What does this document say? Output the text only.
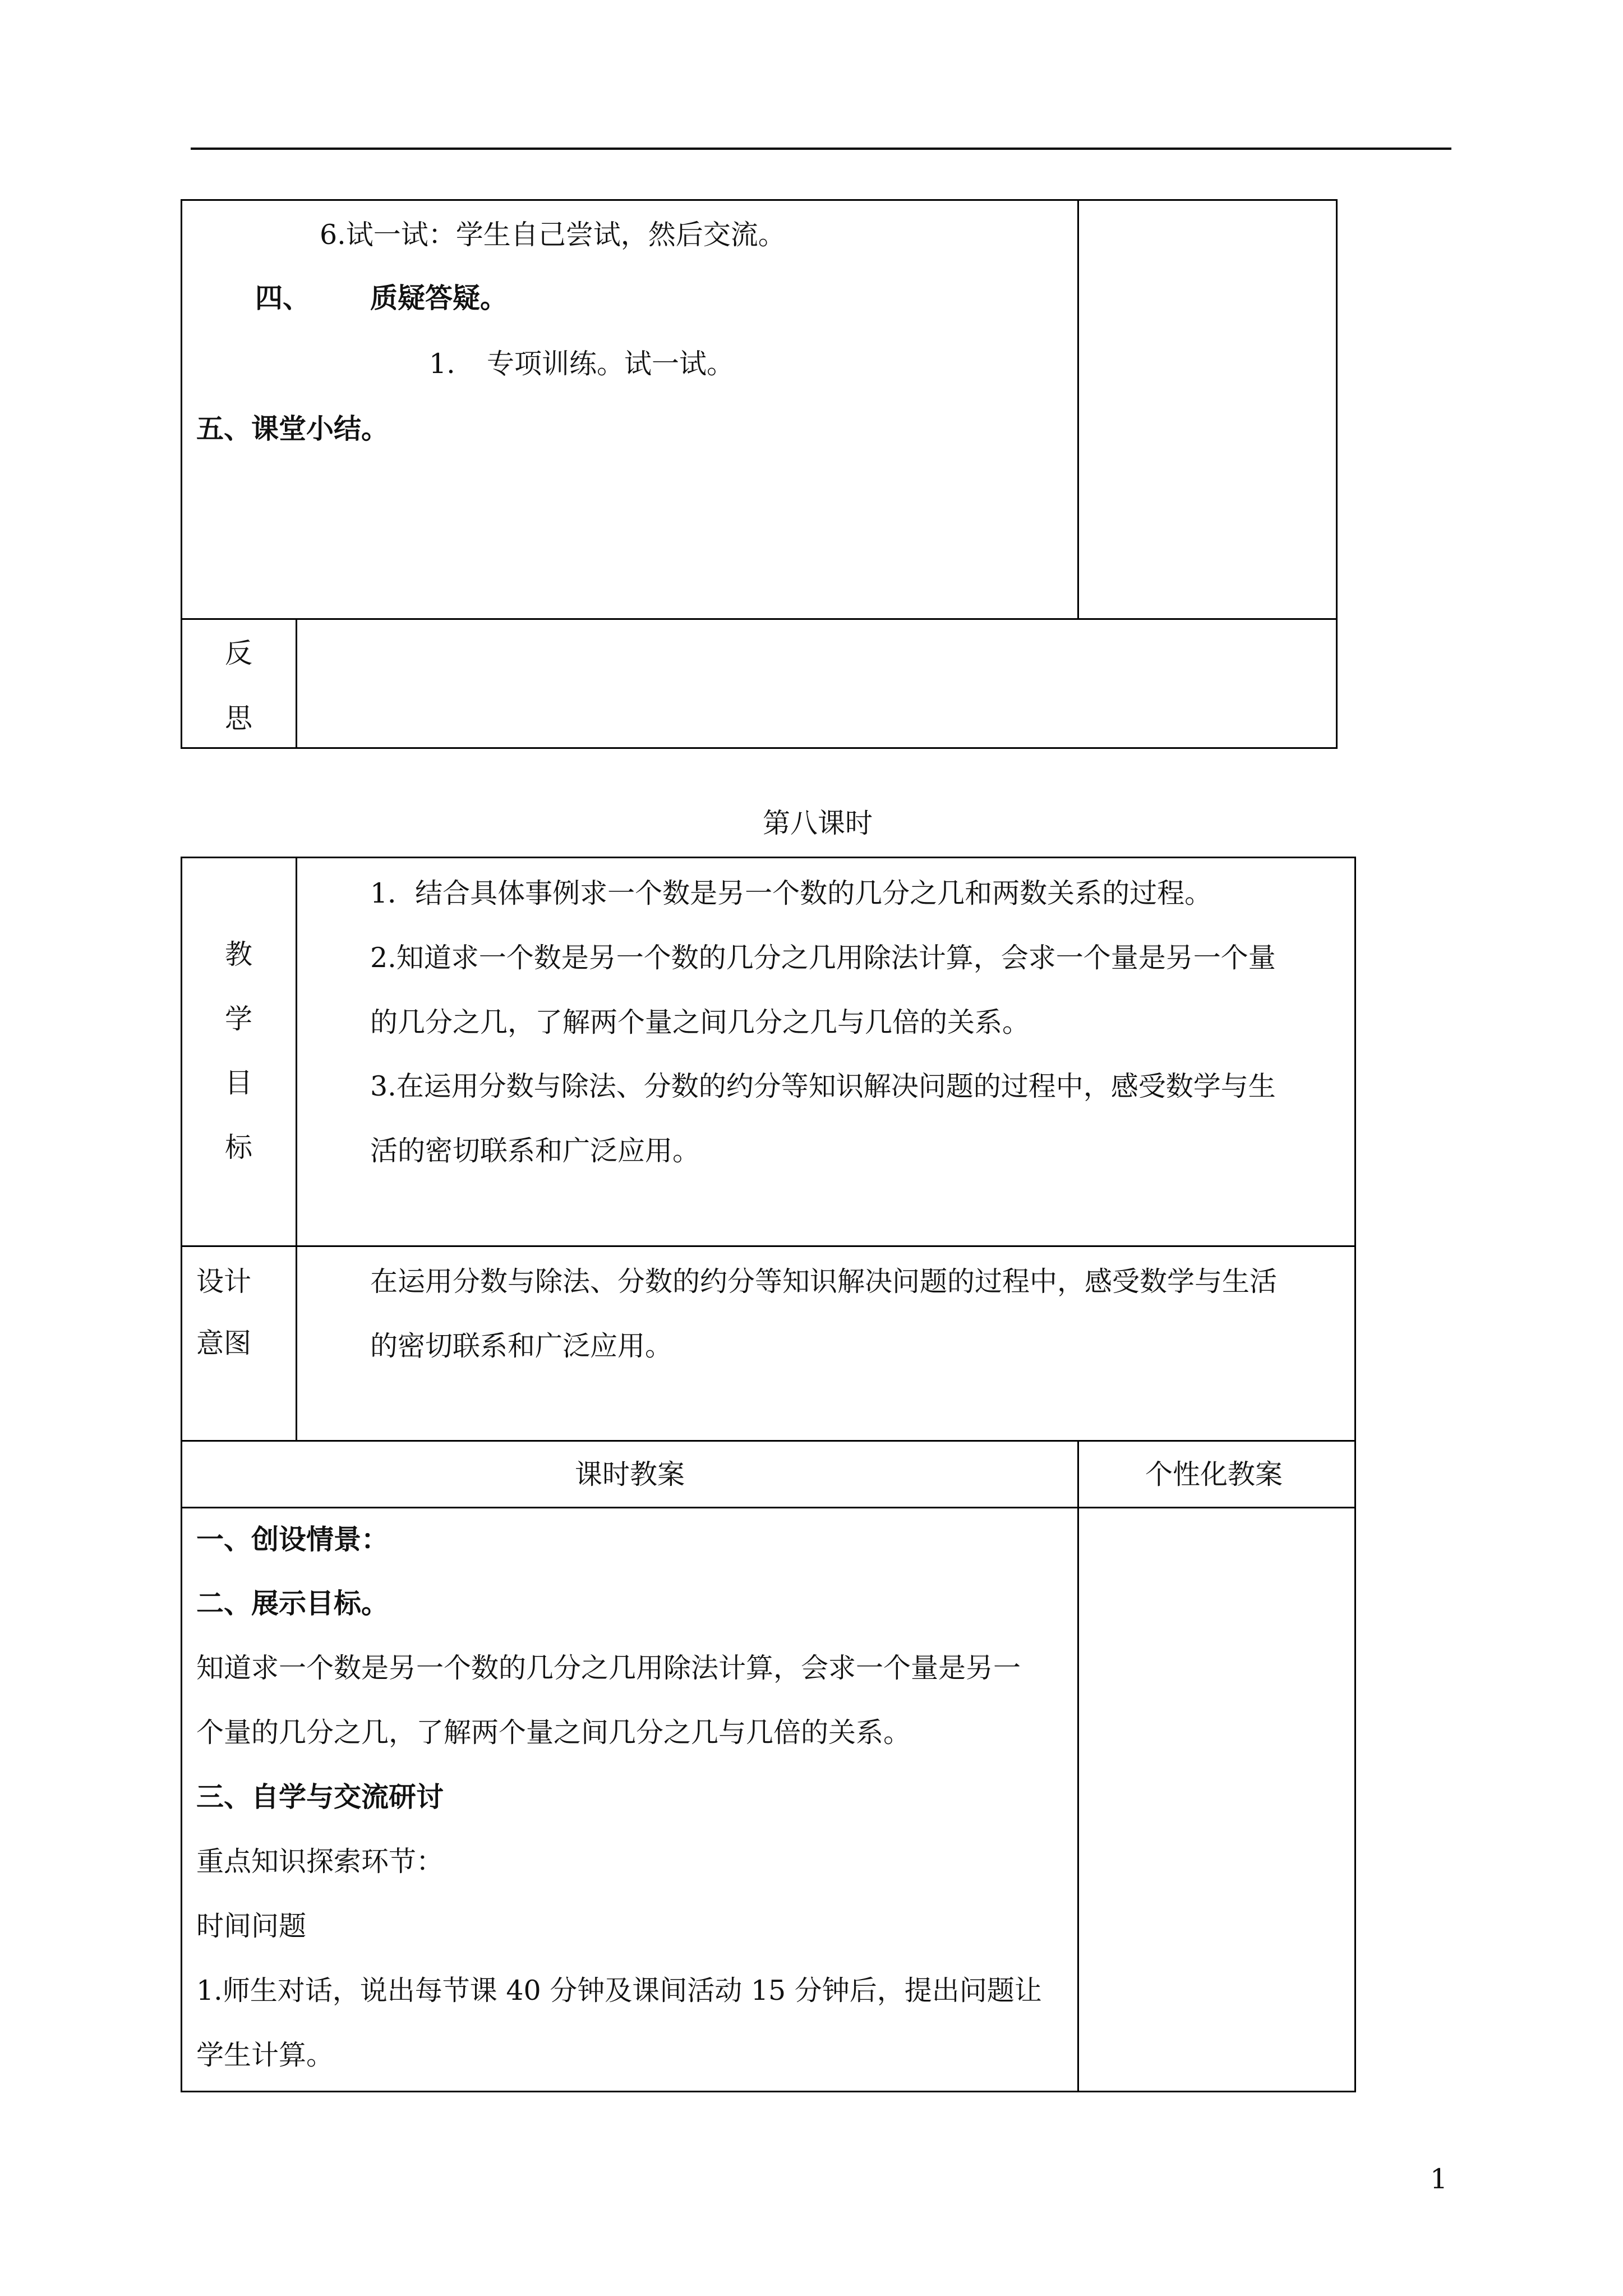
6.试一试：学生自己尝试，然后交流。
四、 质疑答疑。
1. 专项训练。试一试。
五、课堂小结。
反
思
第八课时
教
学
目
标
1．结合具体事例求一个数是另一个数的几分之几和两数关系的过程。
2.知道求一个数是另一个数的几分之几用除法计算，会求一个量是另一个量
的几分之几，了解两个量之间几分之几与几倍的关系。
3.在运用分数与除法、分数的约分等知识解决问题的过程中，感受数学与生
活的密切联系和广泛应用。
设计
意图
在运用分数与除法、分数的约分等知识解决问题的过程中，感受数学与生活
的密切联系和广泛应用。
课时教案	个性化教案
一、创设情景：
二、展示目标。
知道求一个数是另一个数的几分之几用除法计算，会求一个量是另一
个量的几分之几，了解两个量之间几分之几与几倍的关系。
三、自学与交流研讨
重点知识探索环节：
时间问题
1.师生对话，说出每节课 40 分钟及课间活动 15 分钟后，提出问题让
学生计算。
1
